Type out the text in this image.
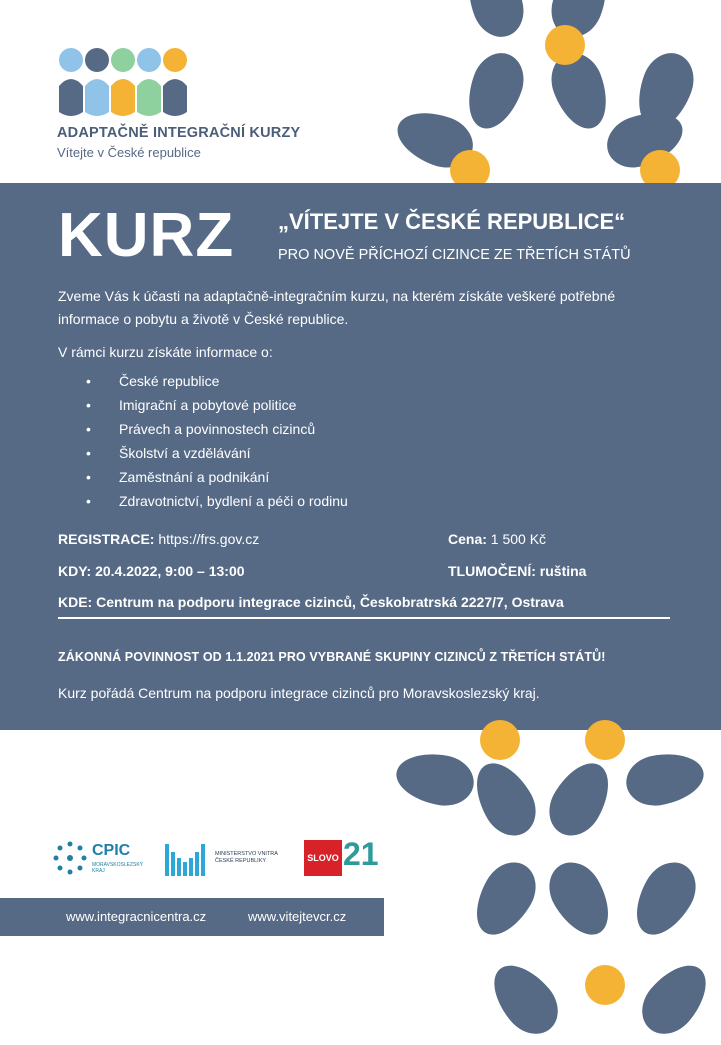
ADAPTAČNĚ INTEGRAČNÍ KURZY
Vítejte v České republice
KURZ „VÍTEJTE V ČESKÉ REPUBLICE“
PRO NOVĚ PŘÍCHOZÍ CIZINCE ZE TŘETÍCH STÁTŮ
Zveme Vás k účasti na adaptačně-integračním kurzu, na kterém získáte veškeré potřebné informace o pobytu a životě v České republice.
V rámci kurzu získáte informace o:
• České republice
• Imigrační a pobytové politice
• Právech a povinnostech cizinců
• Školství a vzdělávání
• Zaměstnání a podnikání
• Zdravotnictví, bydlení a péči o rodinu
REGISTRACE: https://frs.gov.cz	Cena: 1 500 Kč
KDY: 20.4.2022, 9:00 – 13:00	TLUMOČENÍ: ruština
KDE: Centrum na podporu integrace cizinců, Českobratrská 2227/7, Ostrava
ZÁKONNÁ POVINNOST OD 1.1.2021 PRO VYBRANÉ SKUPINY CIZINCŮ Z TŘETÍCH STÁTŮ!
Kurz pořádá Centrum na podporu integrace cizinců pro Moravskoslezský kraj.
CPIC
MORAVSKOSLEZSKÝ KRAJ
MINISTERSTVO VNITRA ČESKÉ REPUBLIKY	SLOVO 21
www.integracnicentra.cz	www.vitejtevcr.cz
